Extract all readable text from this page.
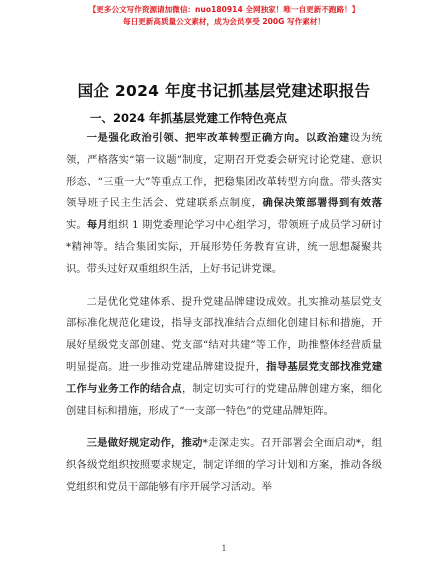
【更多公文写作资源请加微信：nuo180914 全网独家！唯一自更新不跑路！】
每日更新高质量公文素材，成为会员享受 200G 写作素材！
国企 2024 年度书记抓基层党建述职报告
一、2024 年抓基层党建工作特色亮点

一是强化政治引领、把牢改革转型正确方向。以政治建设为统领，严格落实“第一议题”制度，定期召开党委会研究讨论党建、意识形态、“三重一大”等重点工作，把稳集团改革转型方向盘。带头落实领导班子民主生活会、党建联系点制度，确保决策部署得到有效落实。每月组织 1 期党委理论学习中心组学习，带领班子成员学习研讨*精神等。结合集团实际，开展形势任务教育宣讲，统一思想凝聚共识。带头过好双重组织生活，上好书记讲党课。

二是优化党建体系、提升党建品牌建设成效。扎实推动基层党支部标准化规范化建设，指导支部找准结合点细化创建目标和措施，开展好星级党支部创建、党支部“结对共建”等工作，助推整体经营质量明显提高。进一步推动党建品牌建设提升，指导基层党支部找准党建工作与业务工作的结合点，制定切实可行的党建品牌创建方案，细化创建目标和措施，形成了“一支部一特色”的党建品牌矩阵。

三是做好规定动作，推动*走深走实。召开部署会全面启动*，组织各级党组织按照要求规定，制定详细的学习计划和方案，推动各级党组织和党员干部能够有序开展学习活动。举

1
